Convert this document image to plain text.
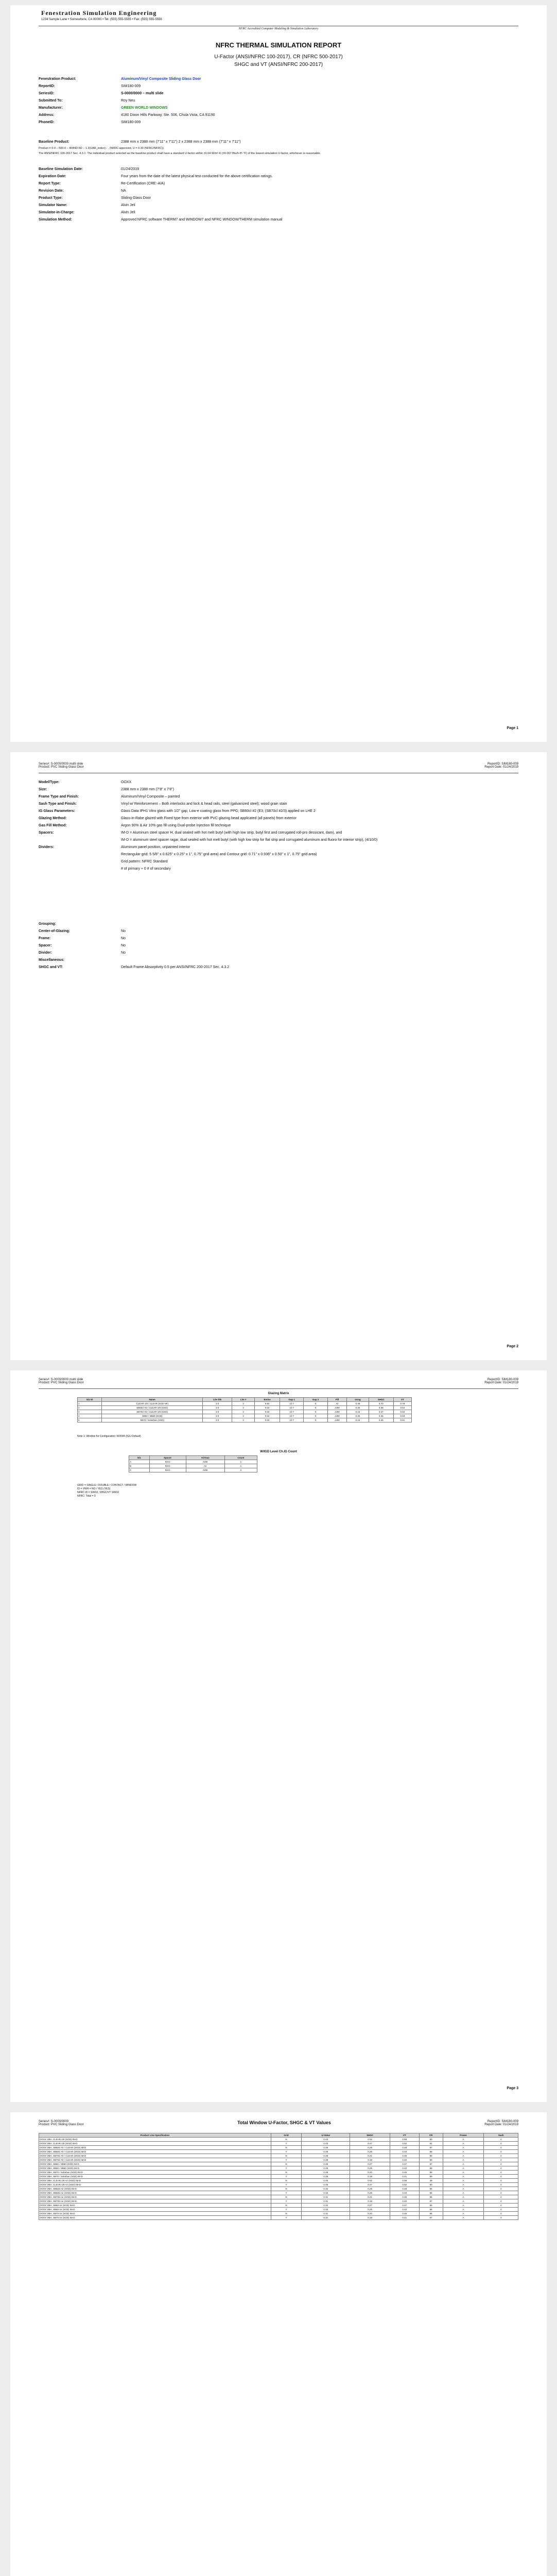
Fenestration Simulation Engineering
1234 Sample Lane • Somewhere, CA 00000 • Tel: (555) 555-5555 • Fax: (555) 555-5556
NFRC Accredited Computer Modeling & Simulation Laboratory
NFRC THERMAL SIMULATION REPORT
U-Factor (ANSI/NFRC 100-2017), CR (NFRC 500-2017)
SHGC and VT (ANSI/NFRC 200-2017)
Fenestration Product:	Aluminum/Vinyl Composite Sliding Glass Door
ReportID:	SIM180-009
SeriesID:	S-0000/0000 – multi slide
Submitted To:	Roy Neu
Manufacturer:	GREEN WORLD WINDOWS
Address:	4180 Dixon Hills Parkway, Ste. 506, Chula Vista, CA 91190
PhoneID:	SIM180-009
Baseline Product:	2388 mm x 2388 mm (7'11" x 7'11") 2 x 2388 mm x 2388 mm (7'11" x 7'11")
Product # 0-0 – 500-0 – IR9ND-5D – 1.3(UAR_index) - , (NFRC-approved, U = 0.30 (NFRC/NFRC))
The ANSI/NFRC 100-2017 Sec. 4.3.1: The individual product selected as the baseline product shall have a standard U-factor within ±0.04 W/m²-K (±0.007 Btu/h-ft²-°F) of the lowest simulation U-factor, whichever is reasonable.
Baseline Simulation Date:	01/24/2019
Expiration Date:	Four years from the date of the latest physical test conducted for the above certification ratings.
Report Type:	Re-Certification (CRE:-A/A)
Revision Date:	NA
Product Type:	Sliding Glass Door
Simulator Name:	Alvin Jeli
Simulator-in-Charge:	Alvin Jeli
Simulation Method:	Approved NFRC software THERM7 and WINDOW7 and NFRC WINDOW/THERM simulation manual
Page 1
Series#: S-0000/0000 multi slide
Product: PVC Sliding Glass Door
ReportID: SIM180-009
Report Date: 01/24/2019
Model/Type:	OOXX
Size:	2388 mm x 2388 mm (7'8" x 7'8")
Frame Type and Finish:	Aluminum/Vinyl Composite – painted
Sash Type and Finish:	Vinyl w/ Reinforcement – Both interlocks and lock & head rails, steel (galvanized steel); wood grain stain
IG Glass Parameters:	Glass Data IPH1 Vitro glass with 1/2" gap, Low-e coating glass from PPG; SB60cl #2 (E3; (SB70cl #2/3) applied on LHE 2
Glazing Method:	Glass-in-Rabe glazed with Fixed type from exterior with PVC glazing bead applicated (all panels) from exterior
Gas Fill Method:	Argon 90% & Air 10% gas fill using Dual-probe Injection fill technique
Spacers:	IM-D = Aluminum steel spacer H, dual sealed with hot melt butyl (with high low strip, butyl first and corrugated roll-pro dessicant, dam), and
IM-D = aluminum steel spacer ragar, dual sealed with hot melt butyl (with high low strip for flat strip and corrugated aluminum and fluoro for interior strip), (4/10/0)
Dividers:	Aluminum panel position, unpainted interior
Rectangular grid: 5 5/8" x 0.625" x 0.25" x 1", 0.75" grid area) and Contour grid: 0.71" x 0.936" x 0.50" x 1", 0.75" grid area)
Grid pattern: NFRC Standard
# of primary + 0 # of secondary
Grouping:
Center-of-Glazing:	No
Frame:	No
Spacer:	No
Divider:	No
Miscellaneous:
SHGC and VT:	Default Frame Absorptivity 0.5 per ANSI/NFRC 200-2017 Sec. 4.3.2
Page 2
Series#: S-0000/0000 multi slide
Product: PVC Sliding Glass Door
ReportID: SIM180-009
Report Date: 01/24/2019
Glazing Matrix
Glz ID	Name	Lite thk	Lite #	Emiss	Gap 1	Gap 2	Fill	Ucog	SHGC	VT
1	CLEAR 1/8 / CLEAR (SGD NF)	3.0	2	0.84	12.7	0	Air	0.48	0.70	0.78
2	SB60cl #2 / CLEAR 1/8 (SGD)	3.0	2	0.04	12.7	0	Ar90	0.25	0.38	0.64
3	SB70cl #2 / CLEAR 1/8 (SGD)	3.0	2	0.02	12.7	0	Ar90	0.24	0.27	0.62
4	SB60 / SB60 (SGD)	3.0	2	0.04	12.7	0	Ar90	0.25	0.36	0.63
5	SB70 / Solarban (SGD)	3.0	2	0.02	12.7	0	Ar90	0.24	0.26	0.61
Note 1: Window for Configuration: W3/W4 (IGU Default)
W/IGD Level Ch.IG Count
Glz	Spacer	Air/Gas	Count
A	IM-D	Ar90	1
B	IM-D	Air	1
C	IM-D	Ar90	2
GRID = SINGLE / DOUBLE / CONTACT / WINDOW
ID = VWH = NO / YES (YES)
NFRC ID = SIM10, SHGC/VT SIM10
NFRC: Total = 0
Page 3
Series#: S-0000/0000
Product: PVC Sliding Glass Door	Total Window U-Factor, SHGC & VT Values	ReportID: SIM180-009
Report Date: 01/24/2019
Product Line Specification	Grid	U-Value	SHGC	VT	CR	Frame	Sash
OOXX VBH, CLEAR 1/8 (SGD) IM-D	N	0.43	0.52	0.58	50	A	V
OOXX VBH, CLEAR 1/8 (SGD) IM-D	Y	0.43	0.47	0.52	51	A	V
OOXX VBH, SB60cl #2 / CLEAR (SGD) IM-D	N	0.29	0.29	0.48	57	A	V
OOXX VBH, SB60cl #2 / CLEAR (SGD) IM-D	Y	0.29	0.26	0.43	58	A	V
OOXX VBH, SB70cl #2 / CLEAR (SGD) IM-D	N	0.28	0.21	0.46	58	A	V
OOXX VBH, SB70cl #2 / CLEAR (SGD) IM-D	Y	0.28	0.19	0.42	59	A	V
OOXX VBH, SB60 / SB60 (SGD) IM-D	N	0.29	0.27	0.47	57	A	V
OOXX VBH, SB60 / SB60 (SGD) IM-D	Y	0.29	0.25	0.42	58	A	V
OOXX VBH, SB70 / Solarban (SGD) IM-D	N	0.28	0.20	0.45	58	A	V
OOXX VBH, SB70 / Solarban (SGD) IM-D	Y	0.28	0.18	0.41	59	A	V
OOXX VBH, CLEAR 1/8 Air (SGD) IM-D	N	0.45	0.52	0.58	49	A	V
OOXX VBH, CLEAR 1/8 Air (SGD) IM-D	Y	0.45	0.47	0.52	50	A	V
OOXX VBH, SB60cl Air (SGD) IM-D	N	0.32	0.29	0.48	55	A	V
OOXX VBH, SB60cl Air (SGD) IM-D	Y	0.32	0.26	0.43	56	A	V
OOXX VBH, SB70cl Air (SGD) IM-D	N	0.31	0.21	0.46	56	A	V
OOXX VBH, SB70cl Air (SGD) IM-D	Y	0.31	0.19	0.42	57	A	V
OOXX VBH, SB60 Air (SGD) IM-D	N	0.32	0.27	0.47	55	A	V
OOXX VBH, SB60 Air (SGD) IM-D	Y	0.32	0.25	0.42	56	A	V
OOXX VBH, SB70 Air (SGD) IM-D	N	0.31	0.20	0.45	56	A	V
OOXX VBH, SB70 Air (SGD) IM-D	Y	0.31	0.18	0.41	57	A	V
